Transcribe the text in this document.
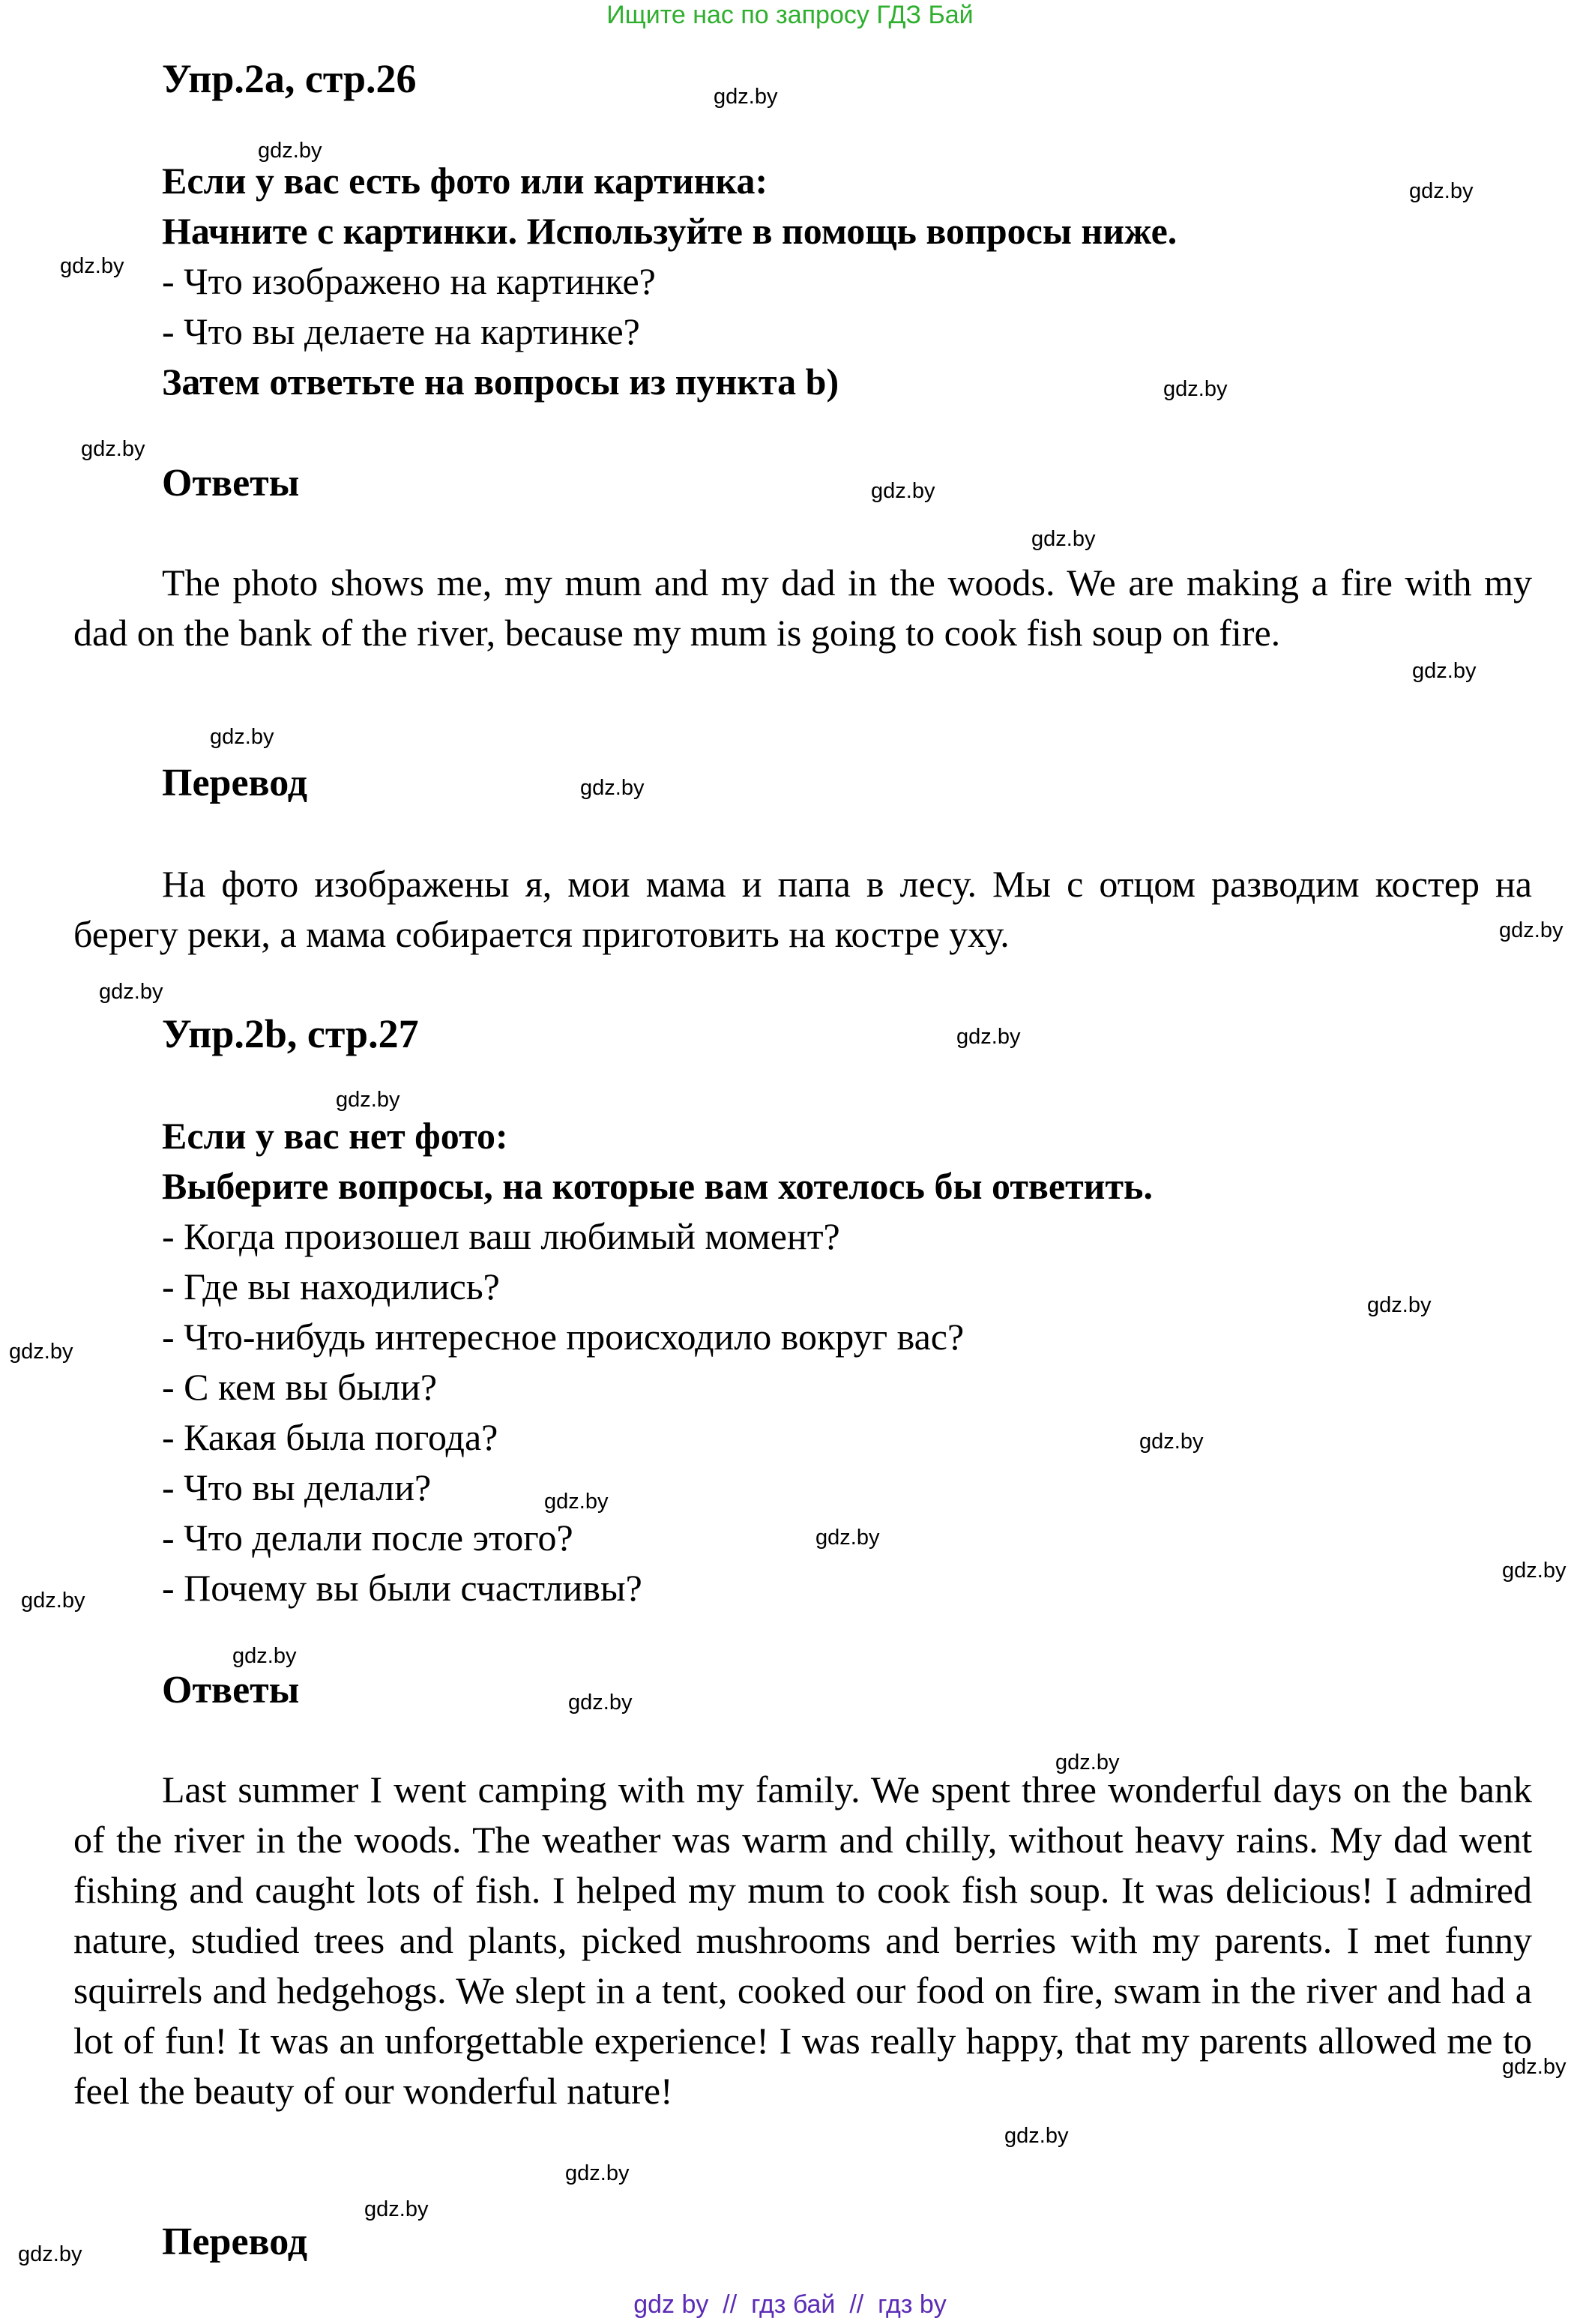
Ищите нас по запросу ГДЗ Бай
Упр.2а, стр.26
Если у вас есть фото или картинка:
Начните с картинки. Используйте в помощь вопросы ниже.
- Что изображено на картинке?
- Что вы делаете на картинке?
Затем ответьте на вопросы из пункта b)
Ответы
The photo shows me, my mum and my dad in the woods. We are making a fire with my dad on the bank of the river, because my mum is going to cook fish soup on fire.
Перевод
На фото изображены я, мои мама и папа в лесу. Мы с отцом разводим костер на берегу реки, а мама собирается приготовить на костре уху.
Упр.2b, стр.27
Если у вас нет фото:
Выберите вопросы, на которые вам хотелось бы ответить.
- Когда произошел ваш любимый момент?
- Где вы находились?
- Что-нибудь интересное происходило вокруг вас?
- С кем вы были?
- Какая была погода?
- Что вы делали?
- Что делали после этого?
- Почему вы были счастливы?
Ответы
Last summer I went camping with my family. We spent three wonderful days on the bank of the river in the woods. The weather was warm and chilly, without heavy rains. My dad went fishing and caught lots of fish. I helped my mum to cook fish soup. It was delicious! I admired nature, studied trees and plants, picked mushrooms and berries with my parents. I met funny squirrels and hedgehogs. We slept in a tent, cooked our food on fire, swam in the river and had a lot of fun! It was an unforgettable experience! I was really happy, that my parents allowed me to feel the beauty of our wonderful nature!
Перевод
gdz.by
gdz.by
gdz.by
gdz.by
gdz.by
gdz.by
gdz.by
gdz.by
gdz.by
gdz.by
gdz.by
gdz.by
gdz.by
gdz.by
gdz.by
gdz.by
gdz.by
gdz.by
gdz.by
gdz.by
gdz.by
gdz.by
gdz.by
gdz.by
gdz.by
gdz.by
gdz.by
gdz.by
gdz.by
gdz.by
gdz by  //  гдз бай  //  гдз by
